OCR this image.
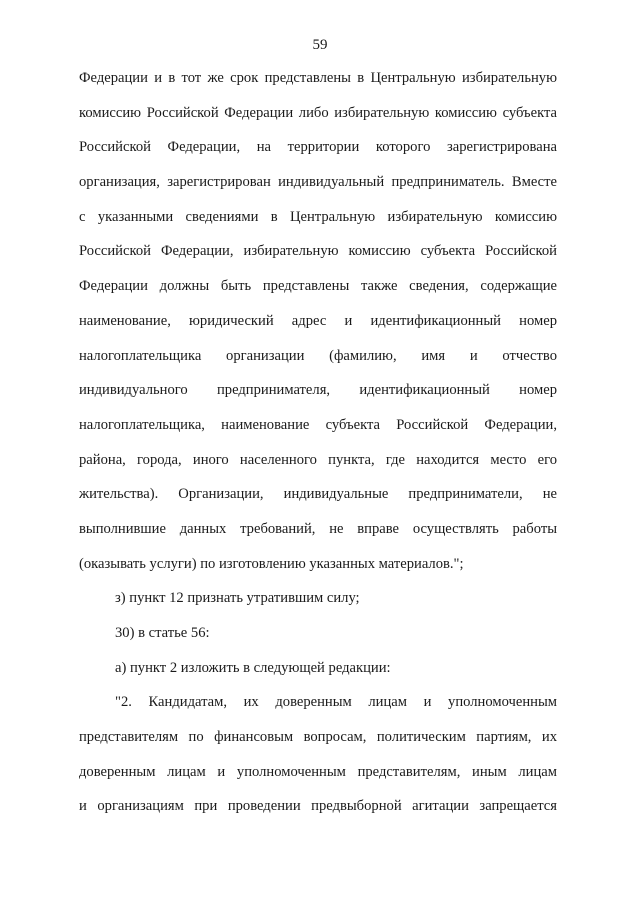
59
Федерации и в тот же срок представлены в Центральную избирательную
комиссию Российской Федерации либо избирательную комиссию субъекта
Российской Федерации, на территории которого зарегистрирована
организация, зарегистрирован индивидуальный предприниматель. Вместе
с указанными сведениями в Центральную избирательную комиссию
Российской Федерации, избирательную комиссию субъекта Российской
Федерации должны быть представлены также сведения, содержащие
наименование, юридический адрес и идентификационный номер
налогоплательщика организации (фамилию, имя и отчество
индивидуального предпринимателя, идентификационный номер
налогоплательщика, наименование субъекта Российской Федерации,
района, города, иного населенного пункта, где находится место его
жительства). Организации, индивидуальные предприниматели, не
выполнившие данных требований, не вправе осуществлять работы
(оказывать услуги) по изготовлению указанных материалов.";
з) пункт 12 признать утратившим силу;
30) в статье 56:
а) пункт 2 изложить в следующей редакции:
"2. Кандидатам, их доверенным лицам и уполномоченным
представителям по финансовым вопросам, политическим партиям, их
доверенным лицам и уполномоченным представителям, иным лицам
и организациям при проведении предвыборной агитации запрещается
